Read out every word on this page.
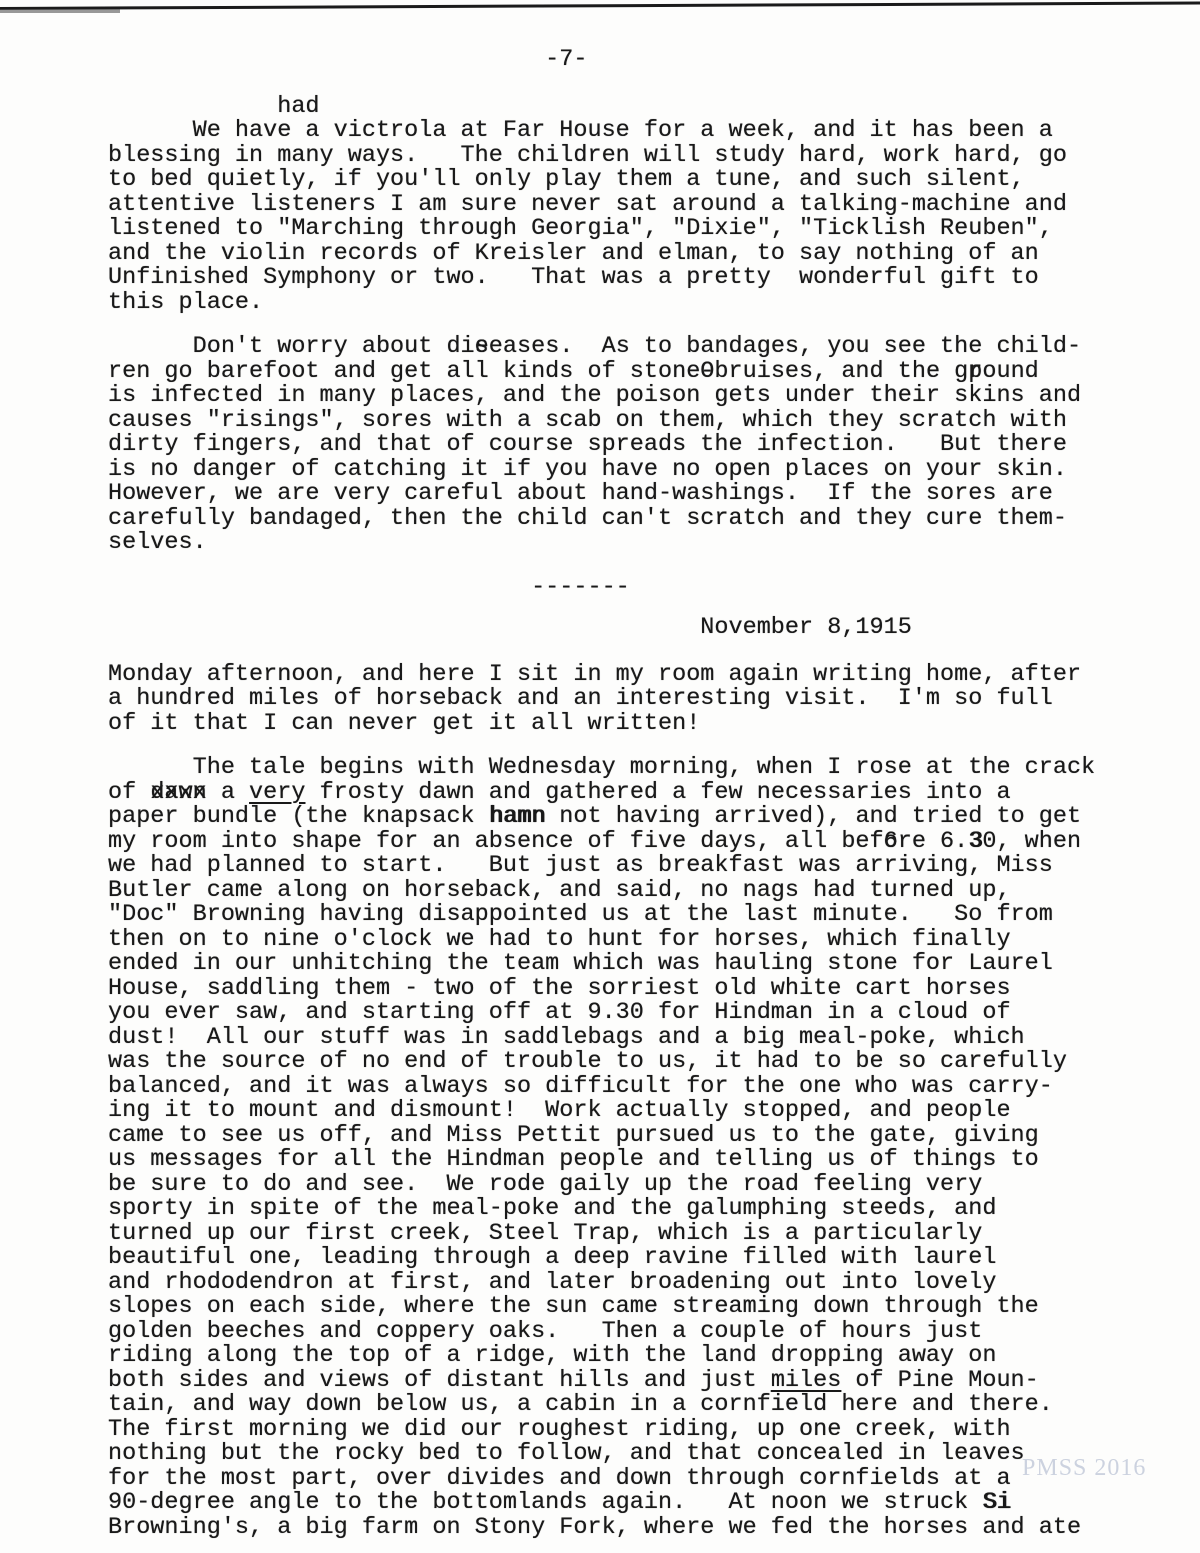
PMSS 2016
-7-
had
We have a victrola at Far House for a week, and it has been a
blessing in many ways.   The children will study hard, work hard, go
to bed quietly, if you'll only play them a tune, and such silent,
attentive listeners I am sure never sat around a talking-machine and
listened to "Marching through Georgia", "Dixie", "Ticklish Reuben",
and the violin records of Kreisler and elman, to say nothing of an
Unfinished Symphony or two.   That was a pretty  wonderful gift to
this place.
Don't worry about dis eeases.  As to bandages, you see the child-
ren go barefoot and get all kinds of stoneO -bruises, and the gr pound
is infected in many places, and the poison gets under their skins and
causes "risings", sores with a scab on them, which they scratch with
dirty fingers, and that of course spreads the infection.   But there
is no danger of catching it if you have no open places on your skin.
However, we are very careful about hand-washings.  If the sores are
carefully bandaged, then the child can't scratch and they cure them-
selves.
-------
November 8,1915
Monday afternoon, and here I sit in my room again writing home, after
a hundred miles of horseback and an interesting visit.  I'm so full
of it that I can never get it all written!
The tale begins with Wednesday morning, when I rose at the crack
of dawn xxxx a very frosty dawn and gathered a few necessaries into a
paper bundle (the knapsack hamn hamn not having arrived), and tried to get
my room into shape for an absence of five days, all befo 6re 6.3 30, when
we had planned to start.   But just as breakfast was arriving, Miss
Butler came along on horseback, and said, no nags had turned up,
"Doc" Browning having disappointed us at the last minute.   So from
then on to nine o'clock we had to hunt for horses, which finally
ended in our unhitching the team which was hauling stone for Laurel
House, saddling them - two of the sorriest old white cart horses
you ever saw, and starting off at 9.30 for Hindman in a cloud of
dust!  All our stuff was in saddlebags and a big meal-poke, which
was the source of no end of trouble to us, it had to be so carefully
balanced, and it was always so difficult for the one who was carry-
ing it to mount and dismount!  Work actually stopped, and people
came to see us off, and Miss Pettit pursued us to the gate, giving
us messages for all the Hindman people and telling us of things to
be sure to do and see.  We rode gaily up the road feeling very
sporty in spite of the meal-poke and the galumphing steeds, and
turned up our first creek, Steel Trap, which is a particularly
beautiful one, leading through a deep ravine filled with laurel
and rhododendron at first, and later broadening out into lovely
slopes on each side, where the sun came streaming down through the
golden beeches and coppery oaks.   Then a couple of hours just
riding along the top of a ridge, with the land dropping away on
both sides and views of distant hills and just miles of Pine Moun-
tain, and way down below us, a cabin in a cornfield here and there.
The first morning we did our roughest riding, up one creek, with
nothing but the rocky bed to follow, and that concealed in leaves
for the most part, over divides and down through cornfields at a
90-degree angle to the bottomlands again.   At noon we struck Si Si
Browning's, a big farm on Stony Fork, where we fed the horses and ate
